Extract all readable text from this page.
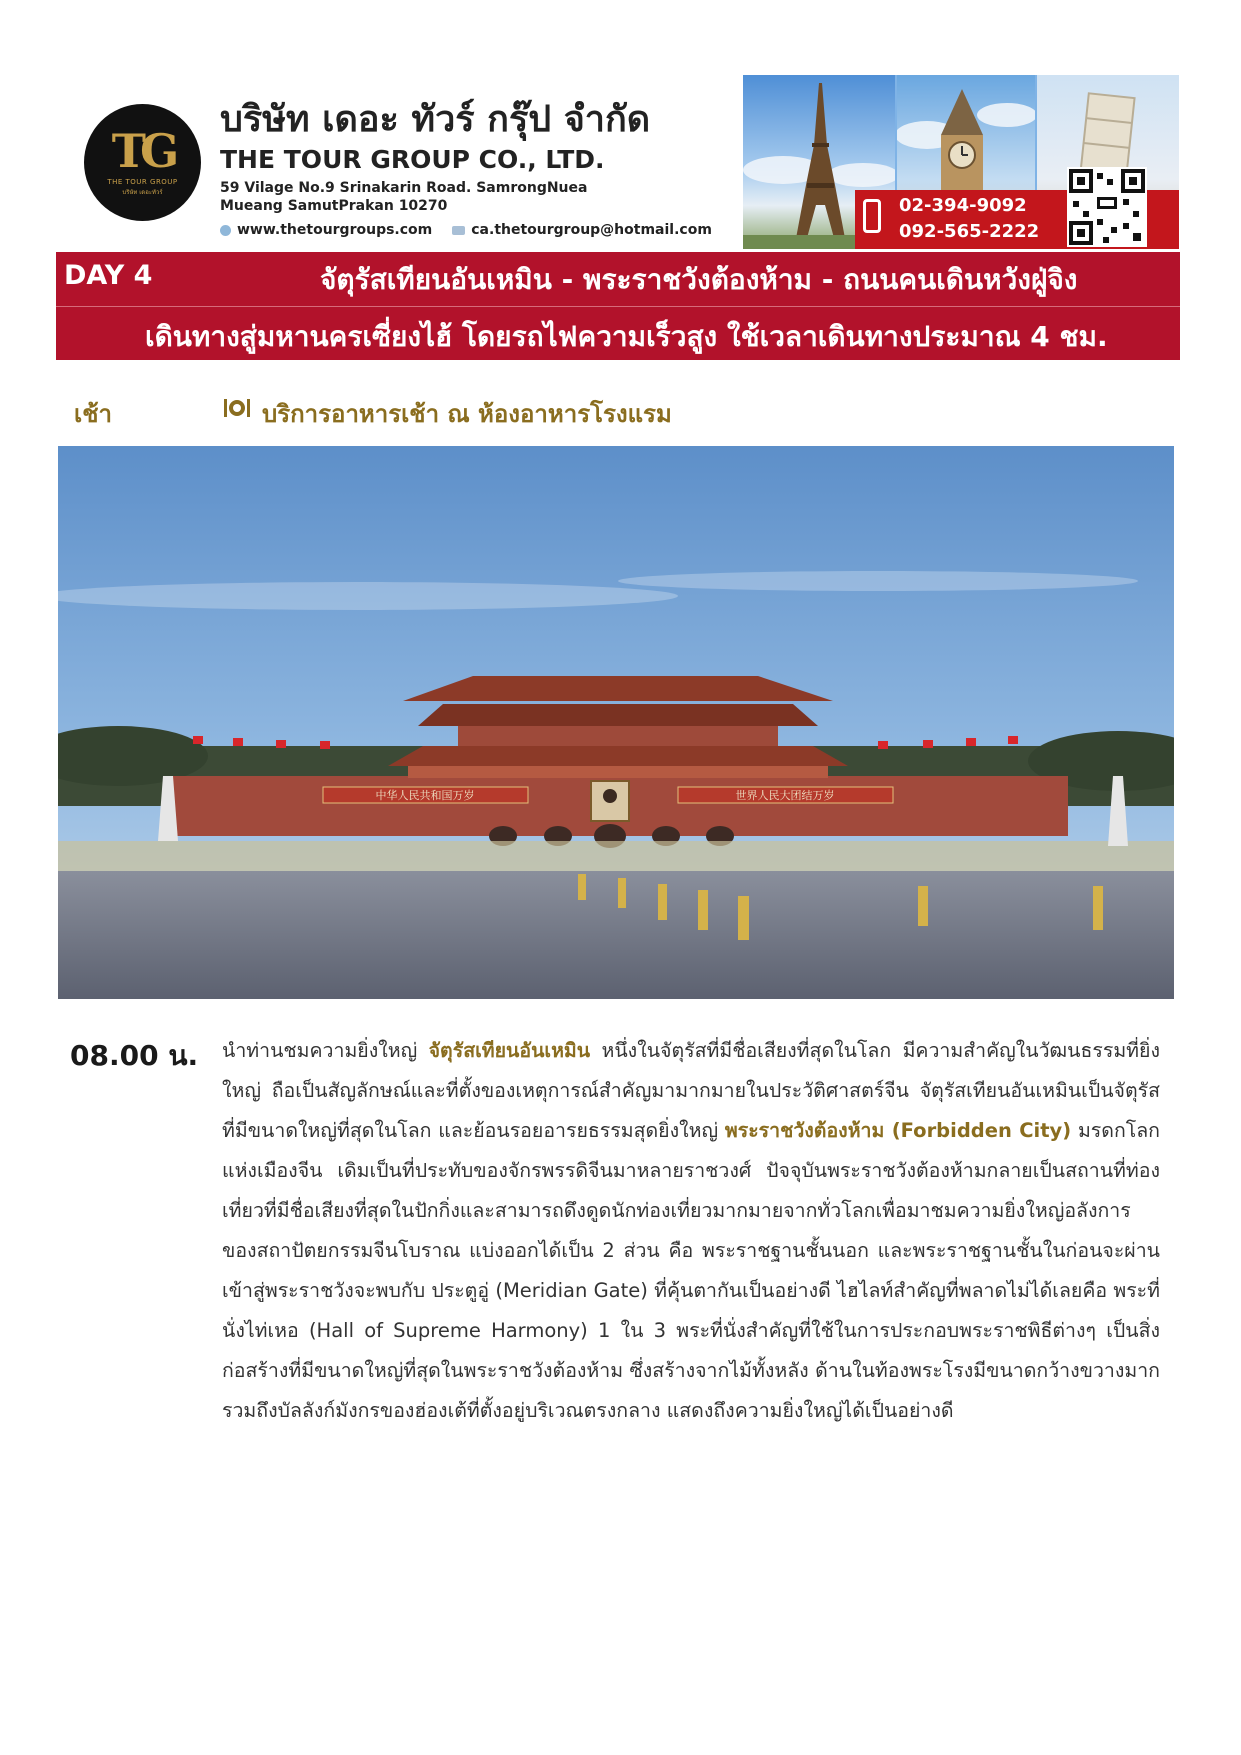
TG
THE TOUR GROUP
บริษัท เดอะทัวร์
บริษัท เดอะ ทัวร์ กรุ๊ป จำกัด
THE TOUR GROUP CO., LTD.
59 Vilage No.9 Srinakarin Road. SamrongNuea
Mueang SamutPrakan 10270
www.thetourgroups.com	ca.thetourgroup@hotmail.com
02-394-9092
092-565-2222
DAY 4	จัตุรัสเทียนอันเหมิน - พระราชวังต้องห้าม - ถนนคนเดินหวังฝู่จิง
เดินทางสู่มหานครเซี่ยงไฮ้ โดยรถไฟความเร็วสูง ใช้เวลาเดินทางประมาณ 4 ชม.
เช้า	บริการอาหารเช้า ณ ห้องอาหารโรงแรม
中华人民共和国万岁	世界人民大团结万岁
08.00 น. นำท่านชมความยิ่งใหญ่ จัตุรัสเทียนอันเหมิน หนึ่งในจัตุรัสที่มีชื่อเสียงที่สุดในโลก มีความสำคัญในวัฒนธรรมที่ยิ่งใหญ่ ถือเป็นสัญลักษณ์และที่ตั้งของเหตุการณ์สำคัญมามากมายในประวัติศาสตร์จีน จัตุรัสเทียนอันเหมินเป็นจัตุรัสที่มีขนาดใหญ่ที่สุดในโลก และย้อนรอยอารยธรรมสุดยิ่งใหญ่ พระราชวังต้องห้าม (Forbidden City) มรดกโลกแห่งเมืองจีน เดิมเป็นที่ประทับของจักรพรรดิจีนมาหลายราชวงศ์ ปัจจุบันพระราชวังต้องห้ามกลายเป็นสถานที่ท่องเที่ยวที่มีชื่อเสียงที่สุดในปักกิ่งและสามารถดึงดูดนักท่องเที่ยวมากมายจากทั่วโลกเพื่อมาชมความยิ่งใหญ่อลังการของสถาปัตยกรรมจีนโบราณ แบ่งออกได้เป็น 2 ส่วน คือ พระราชฐานชั้นนอก และพระราชฐานชั้นในก่อนจะผ่านเข้าสู่พระราชวังจะพบกับ ประตูอู่ (Meridian Gate) ที่คุ้นตากันเป็นอย่างดี ไฮไลท์สำคัญที่พลาดไม่ได้เลยคือ พระที่นั่งไท่เหอ (Hall of Supreme Harmony) 1 ใน 3 พระที่นั่งสำคัญที่ใช้ในการประกอบพระราชพิธีต่างๆ เป็นสิ่งก่อสร้างที่มีขนาดใหญ่ที่สุดในพระราชวังต้องห้าม ซึ่งสร้างจากไม้ทั้งหลัง ด้านในท้องพระโรงมีขนาดกว้างขวางมาก รวมถึงบัลลังก์มังกรของฮ่องเต้ที่ตั้งอยู่บริเวณตรงกลาง แสดงถึงความยิ่งใหญ่ได้เป็นอย่างดี
